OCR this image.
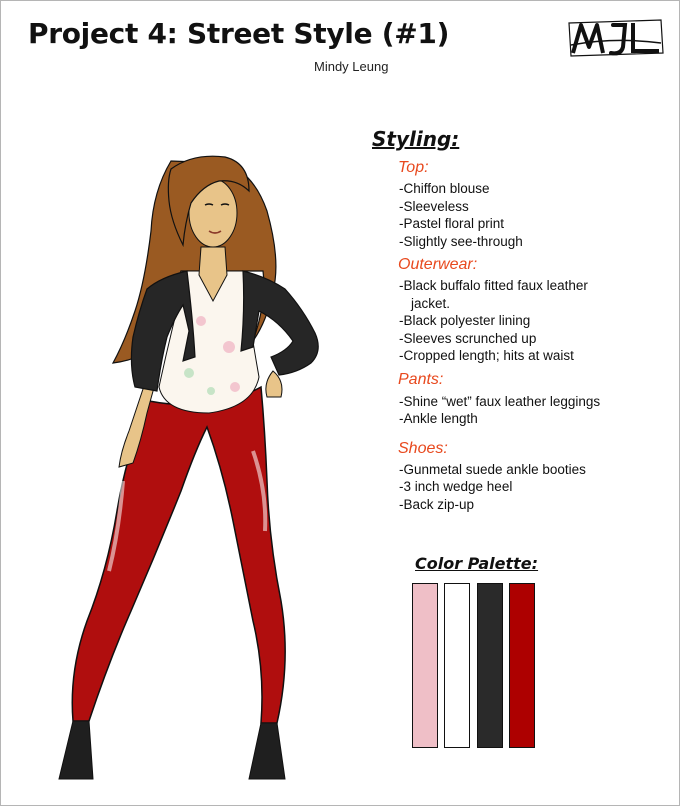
Project 4: Street Style (#1)
Mindy Leung
Styling:
Top:
-Chiffon blouse
-Sleeveless
-Pastel floral print
-Slightly see-through
Outerwear:
-Black buffalo fitted faux leather
jacket.
-Black polyester lining
-Sleeves scrunched up
-Cropped length; hits at waist
Pants:
-Shine “wet” faux leather leggings
-Ankle length
Shoes:
-Gunmetal suede ankle booties
-3 inch wedge heel
-Back zip-up
Color Palette:
